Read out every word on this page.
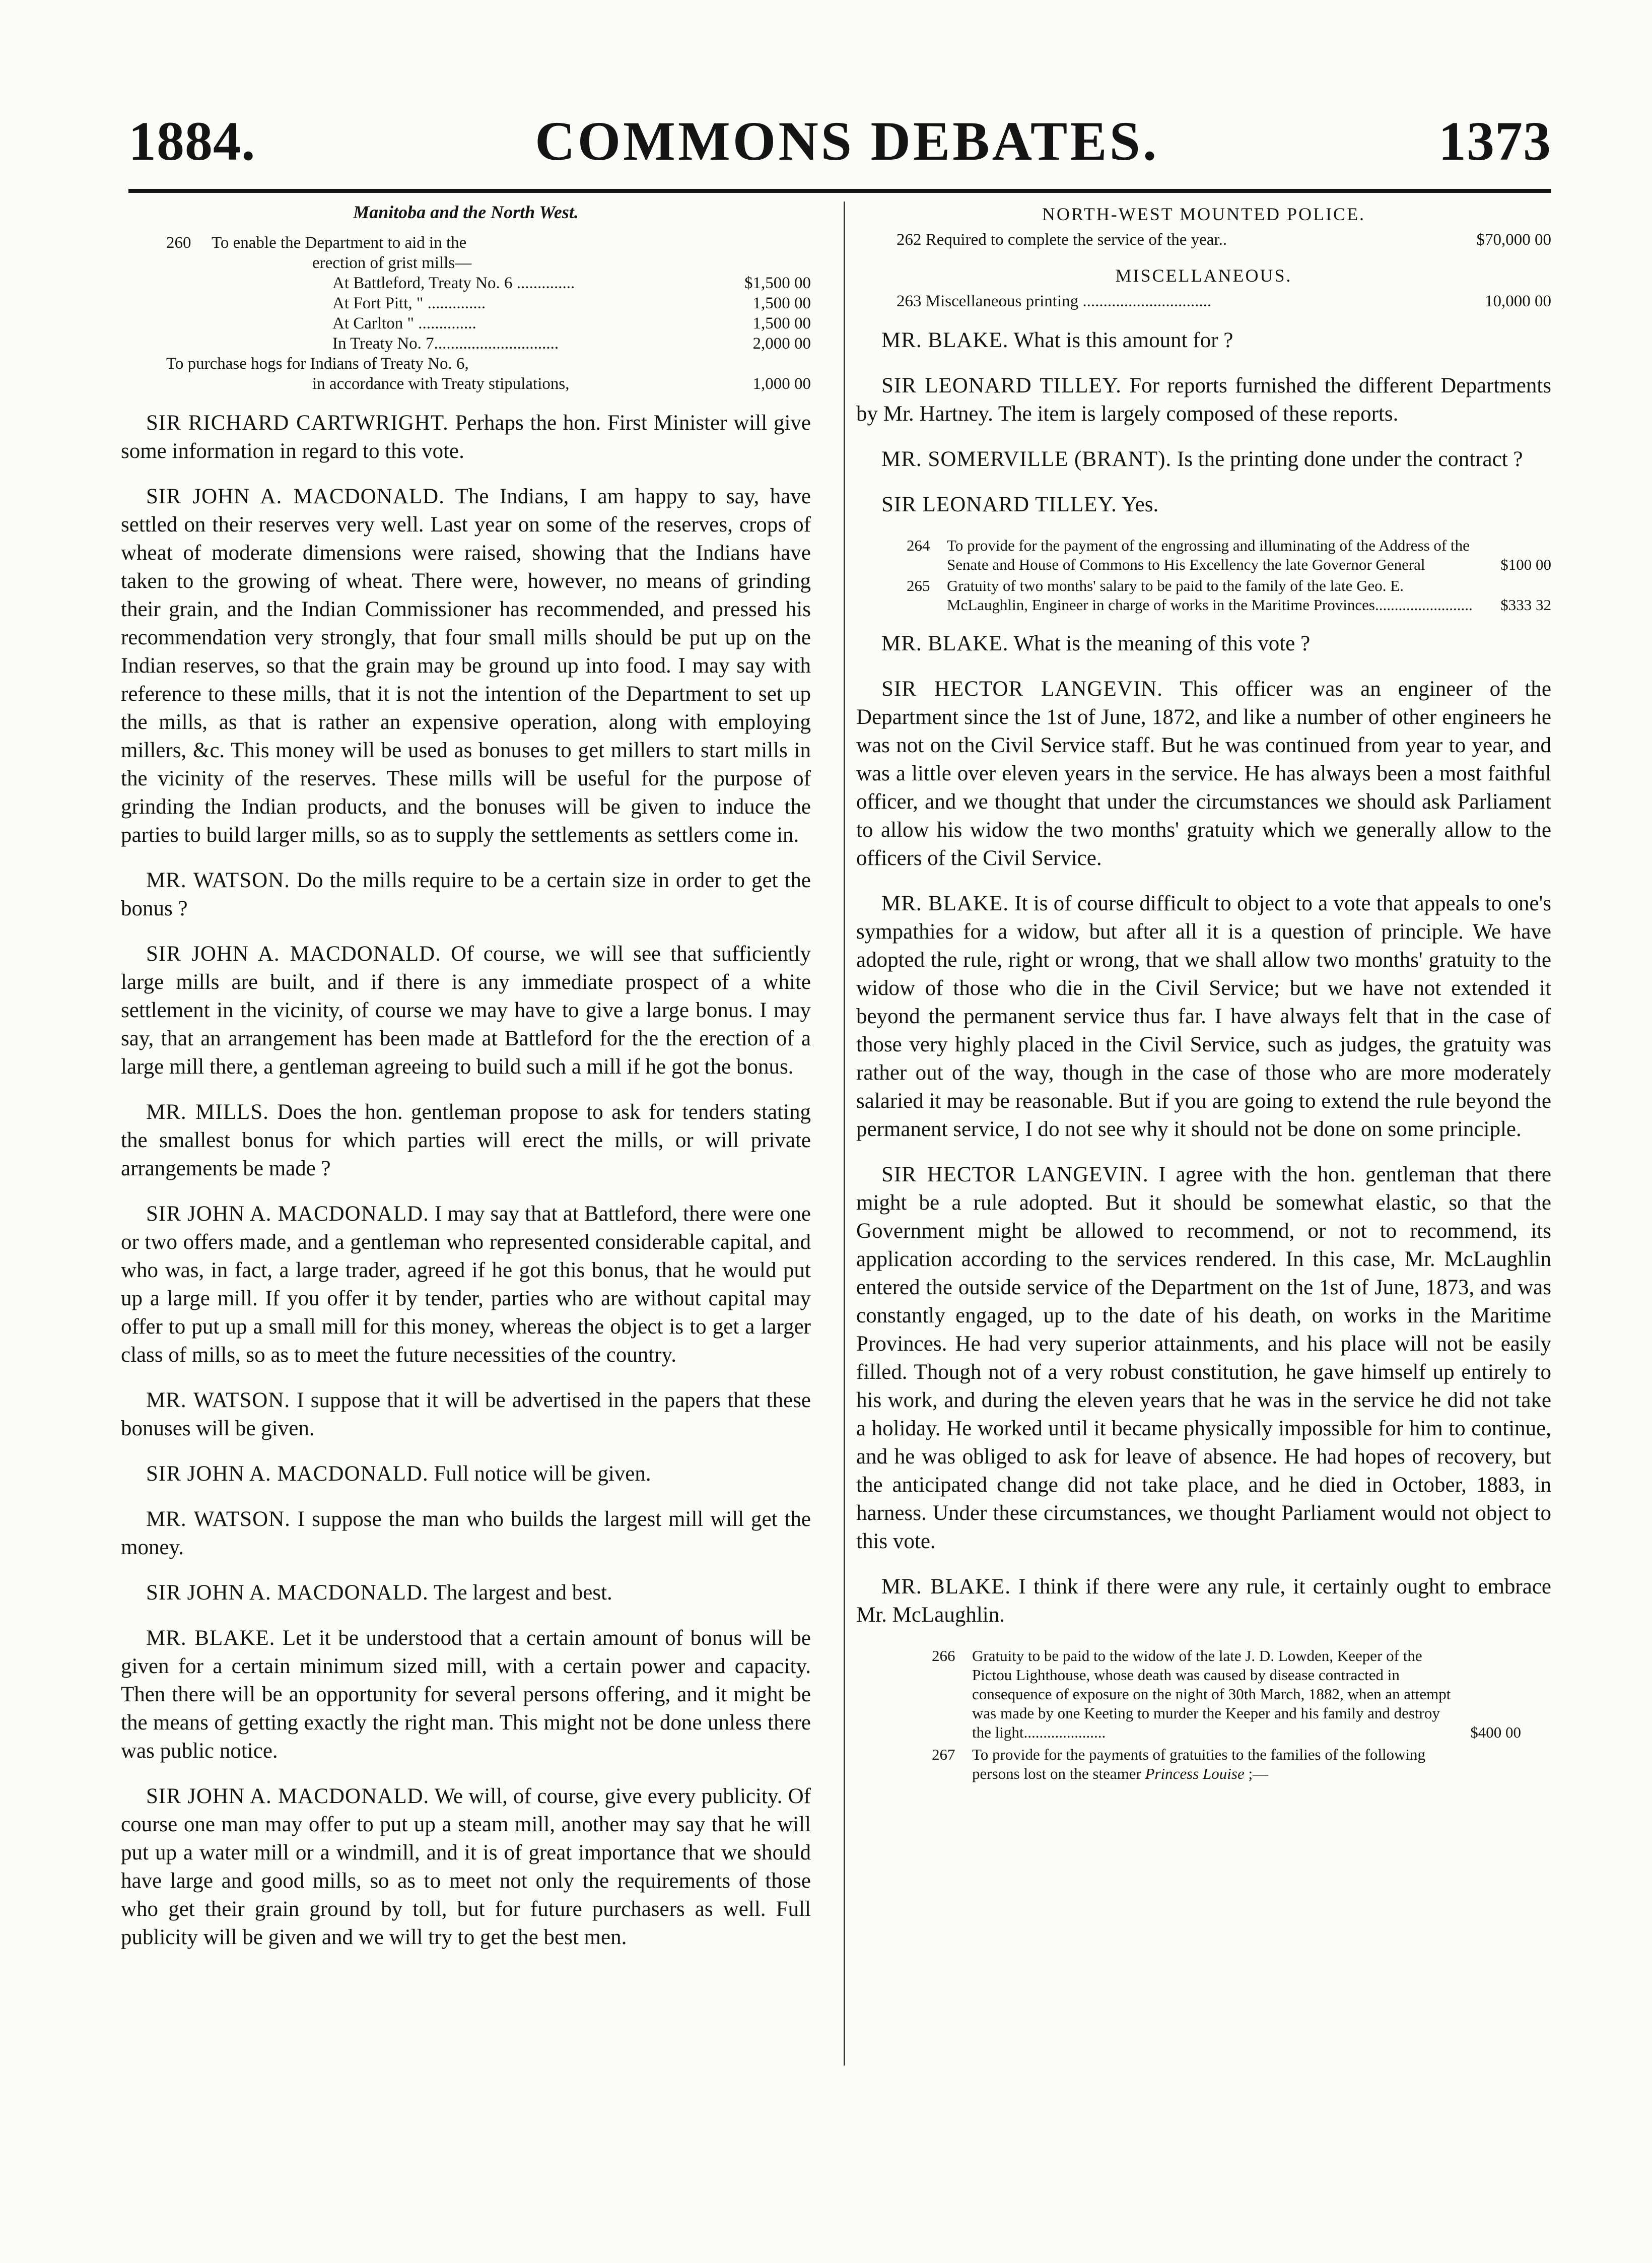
1884.	COMMONS DEBATES.	1373
Manitoba and the North West.
260 To enable the Department to aid in the
erection of grist mills—
At Battleford, Treaty No. 6 ..............	$1,500 00
At Fort Pitt, " ..............	1,500 00
At Carlton " ..............	1,500 00
In Treaty No. 7..............................	2,000 00
To purchase hogs for Indians of Treaty No. 6,
in accordance with Treaty stipulations,	1,000 00

SIR RICHARD CARTWRIGHT. Perhaps the hon. First Minister will give some information in regard to this vote.

SIR JOHN A. MACDONALD. The Indians, I am happy to say, have settled on their reserves very well. Last year on some of the reserves, crops of wheat of moderate dimensions were raised, showing that the Indians have taken to the growing of wheat. There were, however, no means of grinding their grain, and the Indian Commissioner has recommended, and pressed his recommendation very strongly, that four small mills should be put up on the Indian reserves, so that the grain may be ground up into food. I may say with reference to these mills, that it is not the intention of the Department to set up the mills, as that is rather an expensive operation, along with employing millers, &c. This money will be used as bonuses to get millers to start mills in the vicinity of the reserves. These mills will be useful for the purpose of grinding the Indian products, and the bonuses will be given to induce the parties to build larger mills, so as to supply the settlements as settlers come in.

MR. WATSON. Do the mills require to be a certain size in order to get the bonus ?

SIR JOHN A. MACDONALD. Of course, we will see that sufficiently large mills are built, and if there is any immediate prospect of a white settlement in the vicinity, of course we may have to give a large bonus. I may say, that an arrangement has been made at Battleford for the the erection of a large mill there, a gentleman agreeing to build such a mill if he got the bonus.

MR. MILLS. Does the hon. gentleman propose to ask for tenders stating the smallest bonus for which parties will erect the mills, or will private arrangements be made ?

SIR JOHN A. MACDONALD. I may say that at Battleford, there were one or two offers made, and a gentleman who represented considerable capital, and who was, in fact, a large trader, agreed if he got this bonus, that he would put up a large mill. If you offer it by tender, parties who are without capital may offer to put up a small mill for this money, whereas the object is to get a larger class of mills, so as to meet the future necessities of the country.

MR. WATSON. I suppose that it will be advertised in the papers that these bonuses will be given.

SIR JOHN A. MACDONALD. Full notice will be given.

MR. WATSON. I suppose the man who builds the largest mill will get the money.

SIR JOHN A. MACDONALD. The largest and best.

MR. BLAKE. Let it be understood that a certain amount of bonus will be given for a certain minimum sized mill, with a certain power and capacity. Then there will be an opportunity for several persons offering, and it might be the means of getting exactly the right man. This might not be done unless there was public notice.

SIR JOHN A. MACDONALD. We will, of course, give every publicity. Of course one man may offer to put up a steam mill, another may say that he will put up a water mill or a windmill, and it is of great importance that we should have large and good mills, so as to meet not only the requirements of those who get their grain ground by toll, but for future purchasers as well. Full publicity will be given and we will try to get the best men.

NORTH-WEST MOUNTED POLICE.
262 Required to complete the service of the year..	$70,000 00
MISCELLANEOUS.
263 Miscellaneous printing ...............................	10,000 00

MR. BLAKE. What is this amount for ?

SIR LEONARD TILLEY. For reports furnished the different Departments by Mr. Hartney. The item is largely composed of these reports.

MR. SOMERVILLE (BRANT). Is the printing done under the contract ?

SIR LEONARD TILLEY. Yes.

264	To provide for the payment of the engrossing and illuminating of the Address of the Senate and House of Commons to His Excellency the late Governor General	$100 00
265	Gratuity of two months' salary to be paid to the family of the late Geo. E. McLaughlin, Engineer in charge of works in the Maritime Provinces.........................	$333 32

MR. BLAKE. What is the meaning of this vote ?

SIR HECTOR LANGEVIN. This officer was an engineer of the Department since the 1st of June, 1872, and like a number of other engineers he was not on the Civil Service staff. But he was continued from year to year, and was a little over eleven years in the service. He has always been a most faithful officer, and we thought that under the circumstances we should ask Parliament to allow his widow the two months' gratuity which we generally allow to the officers of the Civil Service.

MR. BLAKE. It is of course difficult to object to a vote that appeals to one's sympathies for a widow, but after all it is a question of principle. We have adopted the rule, right or wrong, that we shall allow two months' gratuity to the widow of those who die in the Civil Service; but we have not extended it beyond the permanent service thus far. I have always felt that in the case of those very highly placed in the Civil Service, such as judges, the gratuity was rather out of the way, though in the case of those who are more moderately salaried it may be reasonable. But if you are going to extend the rule beyond the permanent service, I do not see why it should not be done on some principle.

SIR HECTOR LANGEVIN. I agree with the hon. gentleman that there might be a rule adopted. But it should be somewhat elastic, so that the Government might be allowed to recommend, or not to recommend, its application according to the services rendered. In this case, Mr. McLaughlin entered the outside service of the Department on the 1st of June, 1873, and was constantly engaged, up to the date of his death, on works in the Maritime Provinces. He had very superior attainments, and his place will not be easily filled. Though not of a very robust constitution, he gave himself up entirely to his work, and during the eleven years that he was in the service he did not take a holiday. He worked until it became physically impossible for him to continue, and he was obliged to ask for leave of absence. He had hopes of recovery, but the anticipated change did not take place, and he died in October, 1883, in harness. Under these circumstances, we thought Parliament would not object to this vote.

MR. BLAKE. I think if there were any rule, it certainly ought to embrace Mr. McLaughlin.

266	Gratuity to be paid to the widow of the late J. D. Lowden, Keeper of the Pictou Lighthouse, whose death was caused by disease contracted in consequence of exposure on the night of 30th March, 1882, when an attempt was made by one Keeting to murder the Keeper and his family and destroy the light.....................	$400 00
267	To provide for the payments of gratuities to the families of the following persons lost on the steamer Princess Louise ;—
